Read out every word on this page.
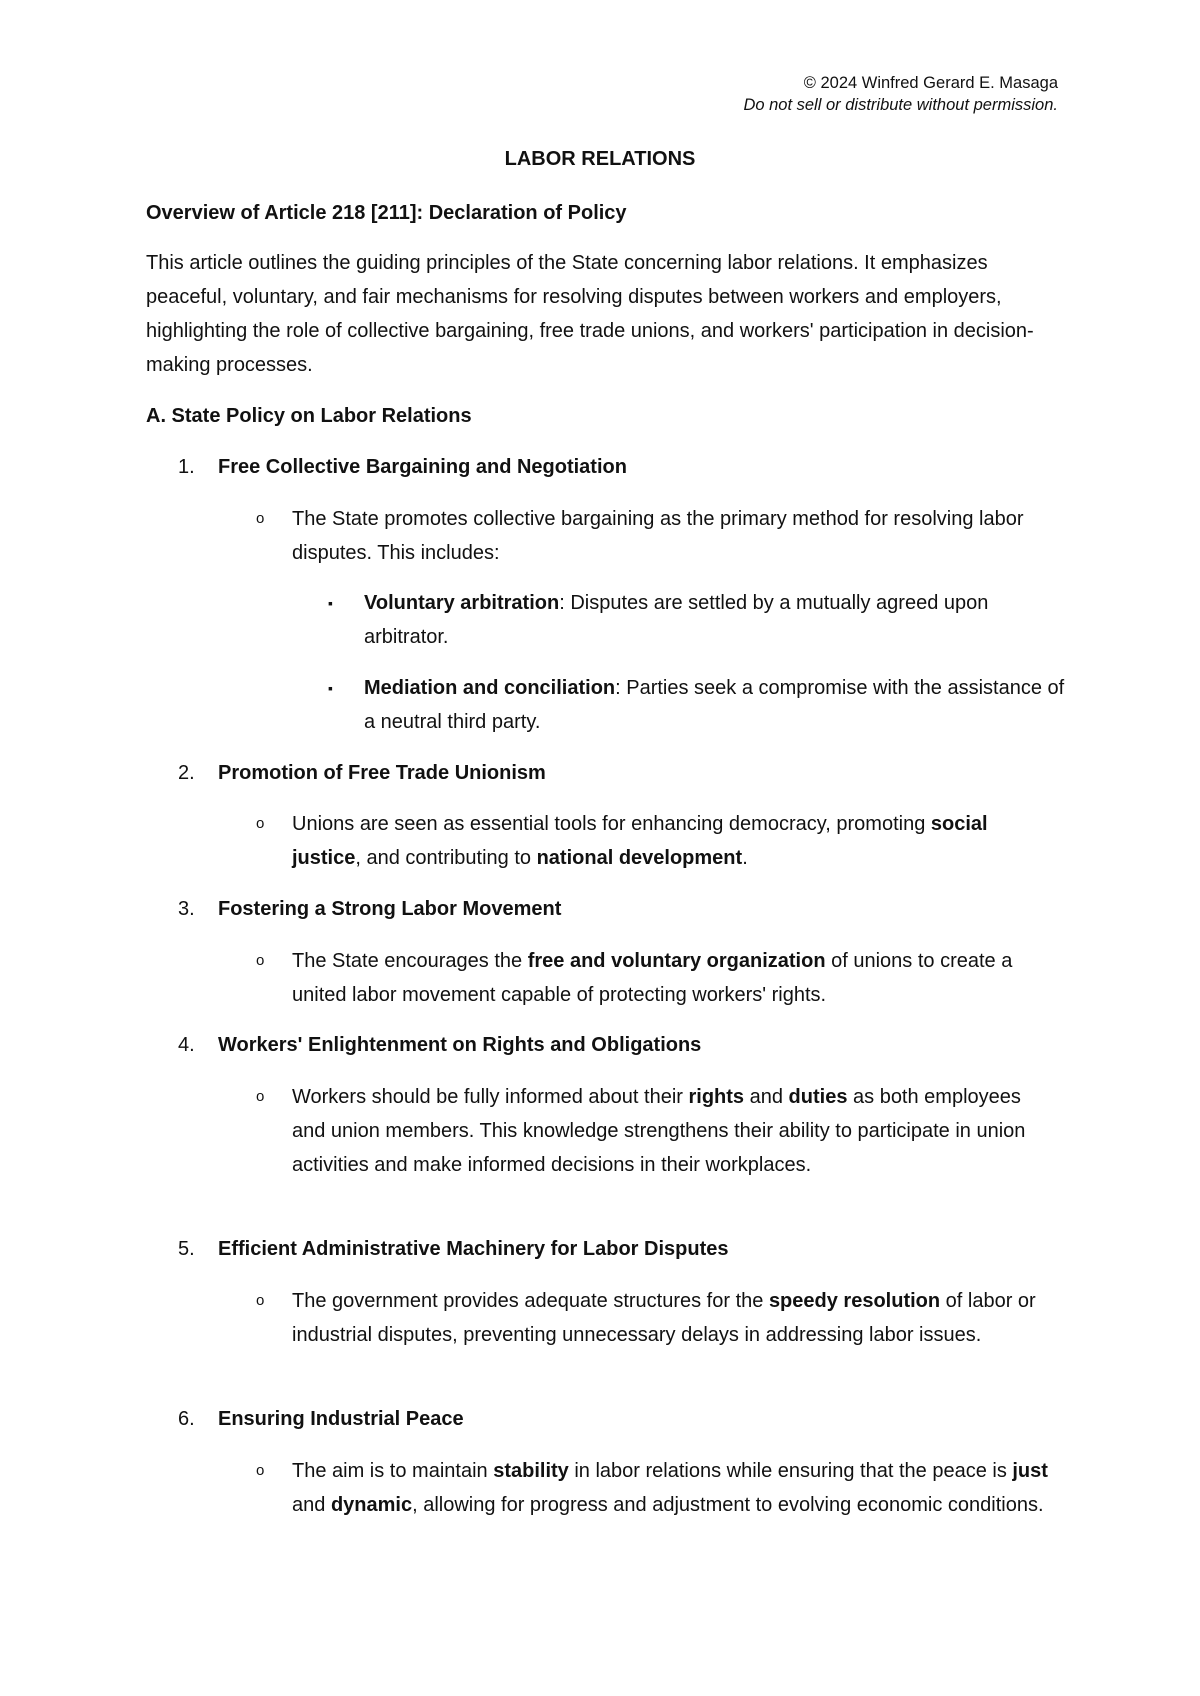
© 2024 Winfred Gerard E. Masaga
Do not sell or distribute without permission.
LABOR RELATIONS
Overview of Article 218 [211]: Declaration of Policy
This article outlines the guiding principles of the State concerning labor relations. It emphasizes peaceful, voluntary, and fair mechanisms for resolving disputes between workers and employers, highlighting the role of collective bargaining, free trade unions, and workers' participation in decision-making processes.
A. State Policy on Labor Relations
1. Free Collective Bargaining and Negotiation
o The State promotes collective bargaining as the primary method for resolving labor disputes. This includes:
▪ Voluntary arbitration: Disputes are settled by a mutually agreed upon arbitrator.
▪ Mediation and conciliation: Parties seek a compromise with the assistance of a neutral third party.
2. Promotion of Free Trade Unionism
o Unions are seen as essential tools for enhancing democracy, promoting social justice, and contributing to national development.
3. Fostering a Strong Labor Movement
o The State encourages the free and voluntary organization of unions to create a united labor movement capable of protecting workers' rights.
4. Workers' Enlightenment on Rights and Obligations
o Workers should be fully informed about their rights and duties as both employees and union members. This knowledge strengthens their ability to participate in union activities and make informed decisions in their workplaces.
5. Efficient Administrative Machinery for Labor Disputes
o The government provides adequate structures for the speedy resolution of labor or industrial disputes, preventing unnecessary delays in addressing labor issues.
6. Ensuring Industrial Peace
o The aim is to maintain stability in labor relations while ensuring that the peace is just and dynamic, allowing for progress and adjustment to evolving economic conditions.
